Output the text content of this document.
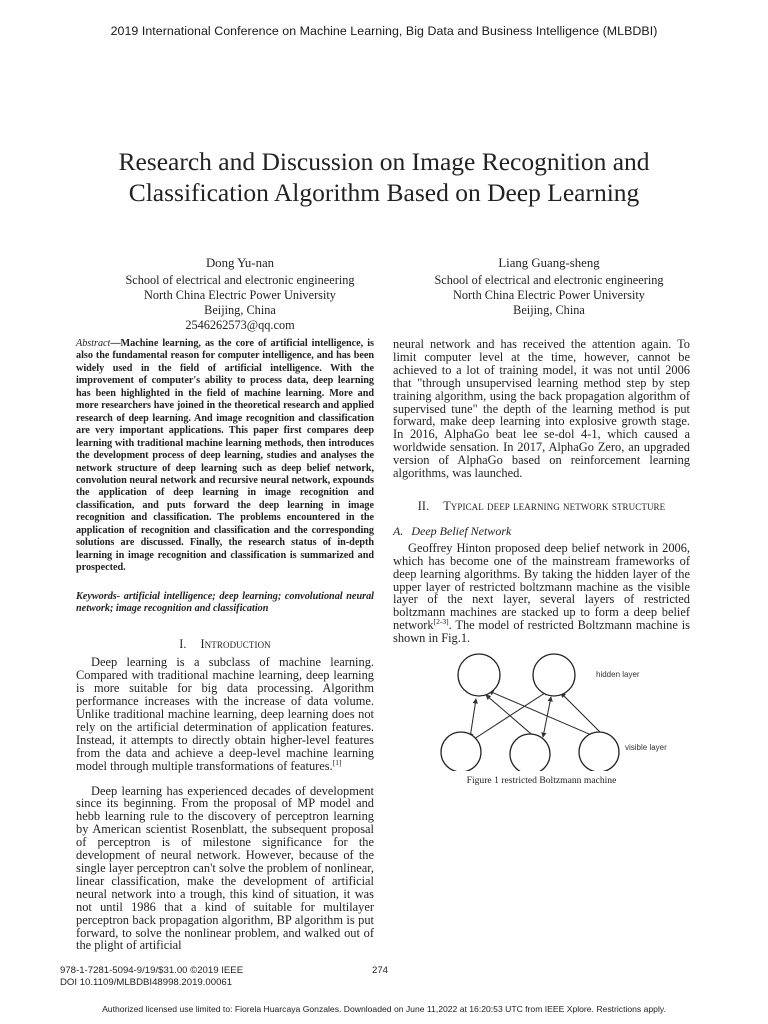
2019 International Conference on Machine Learning, Big Data and Business Intelligence (MLBDBI)
Research and Discussion on Image Recognition and
Classification Algorithm Based on Deep Learning
Dong Yu-nan
School of electrical and electronic engineering
North China Electric Power University
Beijing, China
2546262573@qq.com
Liang Guang-sheng
School of electrical and electronic engineering
North China Electric Power University
Beijing, China
Abstract—Machine learning, as the core of artificial intelligence, is also the fundamental reason for computer intelligence, and has been widely used in the field of artificial intelligence. With the improvement of computer's ability to process data, deep learning has been highlighted in the field of machine learning. More and more researchers have joined in the theoretical research and applied research of deep learning. And image recognition and classification are very important applications. This paper first compares deep learning with traditional machine learning methods, then introduces the development process of deep learning, studies and analyses the network structure of deep learning such as deep belief network, convolution neural network and recursive neural network, expounds the application of deep learning in image recognition and classification, and puts forward the deep learning in image recognition and classification. The problems encountered in the application of recognition and classification and the corresponding solutions are discussed. Finally, the research status of in-depth learning in image recognition and classification is summarized and prospected.
Keywords- artificial intelligence; deep learning; convolutional neural network; image recognition and classification
I. Introduction

Deep learning is a subclass of machine learning. Compared with traditional machine learning, deep learning is more suitable for big data processing. Algorithm performance increases with the increase of data volume. Unlike traditional machine learning, deep learning does not rely on the artificial determination of application features. Instead, it attempts to directly obtain higher-level features from the data and achieve a deep-level machine learning model through multiple transformations of features.[1]

Deep learning has experienced decades of development since its beginning. From the proposal of MP model and hebb learning rule to the discovery of perceptron learning by American scientist Rosenblatt, the subsequent proposal of perceptron is of milestone significance for the development of neural network. However, because of the single layer perceptron can't solve the problem of nonlinear, linear classification, make the development of artificial neural network into a trough, this kind of situation, it was not until 1986 that a kind of suitable for multilayer perceptron back propagation algorithm, BP algorithm is put forward, to solve the nonlinear problem, and walked out of the plight of artificial

neural network and has received the attention again. To limit computer level at the time, however, cannot be achieved to a lot of training model, it was not until 2006 that "through unsupervised learning method step by step training algorithm, using the back propagation algorithm of supervised tune" the depth of the learning method is put forward, make deep learning into explosive growth stage. In 2016, AlphaGo beat lee se-dol 4-1, which caused a worldwide sensation. In 2017, AlphaGo Zero, an upgraded version of AlphaGo based on reinforcement learning algorithms, was launched.

II. Typical deep learning network structure
A. Deep Belief Network

Geoffrey Hinton proposed deep belief network in 2006, which has become one of the mainstream frameworks of deep learning algorithms. By taking the hidden layer of the upper layer of restricted boltzmann machine as the visible layer of the next layer, several layers of restricted boltzmann machines are stacked up to form a deep belief network[2-3]. The model of restricted Boltzmann machine is shown in Fig.1.

hidden layer
visible layer
Figure 1 restricted Boltzmann machine
978-1-7281-5094-9/19/$31.00 ©2019 IEEE
DOI 10.1109/MLBDBI48998.2019.00061
274
Authorized licensed use limited to: Fiorela Huarcaya Gonzales. Downloaded on June 11,2022 at 16:20:53 UTC from IEEE Xplore. Restrictions apply.
